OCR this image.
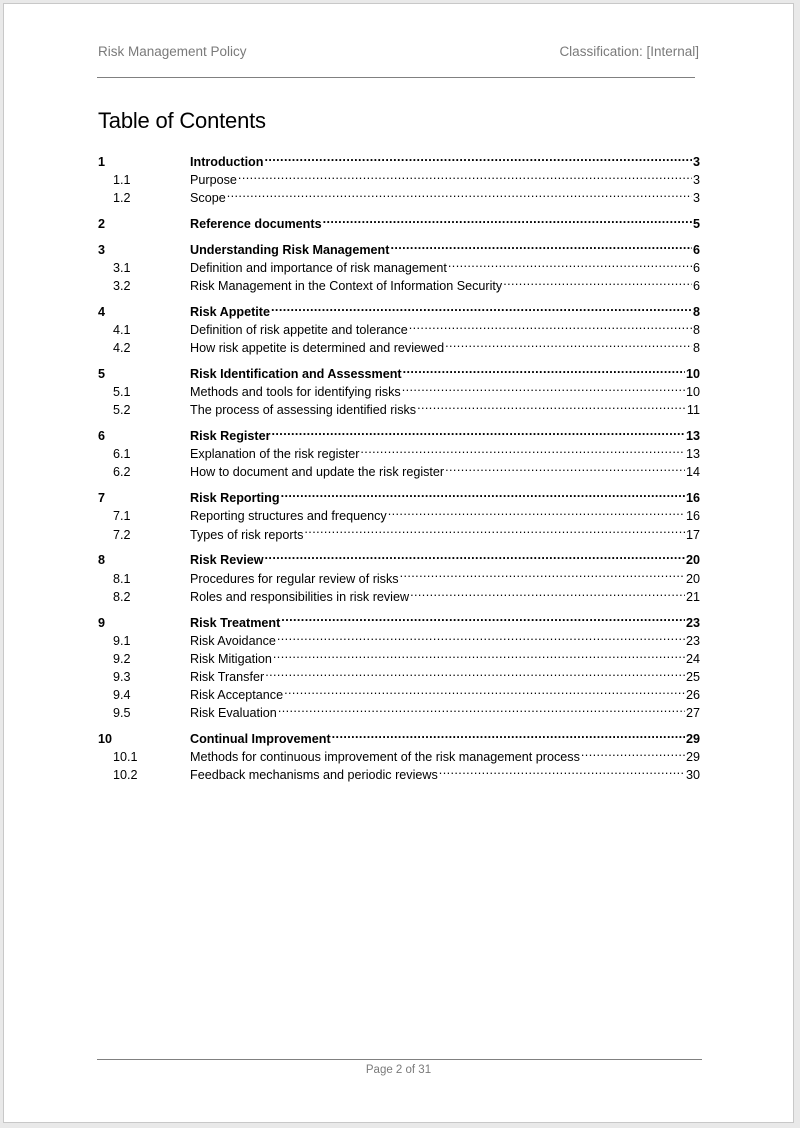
Risk Management Policy	Classification: [Internal]
Table of Contents
1	Introduction .....	3
1.1	Purpose .....	3
1.2	Scope .....	3
2	Reference documents .....	5
3	Understanding Risk Management .....	6
3.1	Definition and importance of risk management .....	6
3.2	Risk Management in the Context of Information Security .....	6
4	Risk Appetite .....	8
4.1	Definition of risk appetite and tolerance .....	8
4.2	How risk appetite is determined and reviewed .....	8
5	Risk Identification and Assessment .....	10
5.1	Methods and tools for identifying risks .....	10
5.2	The process of assessing identified risks .....	11
6	Risk Register .....	13
6.1	Explanation of the risk register .....	13
6.2	How to document and update the risk register .....	14
7	Risk Reporting .....	16
7.1	Reporting structures and frequency .....	16
7.2	Types of risk reports .....	17
8	Risk Review .....	20
8.1	Procedures for regular review of risks .....	20
8.2	Roles and responsibilities in risk review .....	21
9	Risk Treatment .....	23
9.1	Risk Avoidance .....	23
9.2	Risk Mitigation .....	24
9.3	Risk Transfer .....	25
9.4	Risk Acceptance .....	26
9.5	Risk Evaluation .....	27
10	Continual Improvement .....	29
10.1	Methods for continuous improvement of the risk management process .....	29
10.2	Feedback mechanisms and periodic reviews .....	30
Page 2 of 31
